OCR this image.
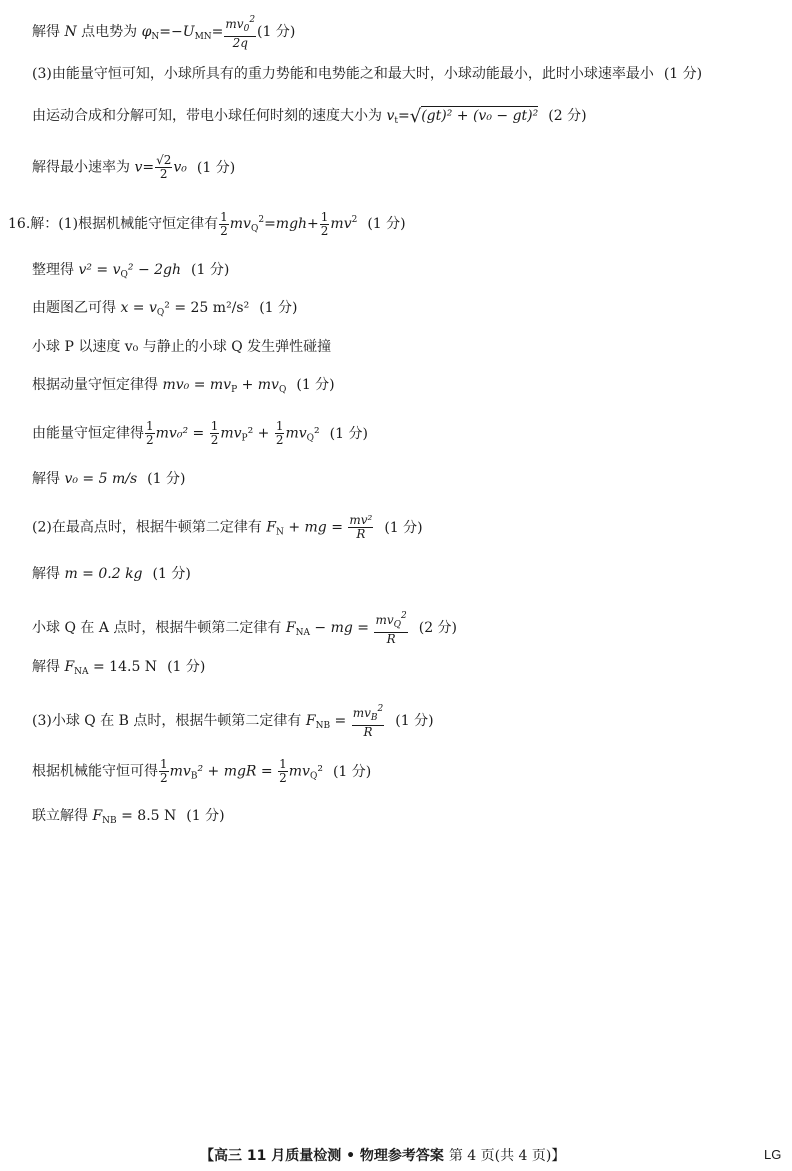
解得 N 点电势为 $\varphi_N=-U_{MN}= \frac{mv_0^2}{2q} (1$ 分)
(3)由能量守恒可知，小球所具有的重力势能和电势能之和最大时，小球动能最小，此时小球速率最小 (1 分)
由运动合成和分解可知，带电小球任何时刻的速度大小为 $v_t=√(gt)^2 + (v_0 - gt)^2$ (2 分)
解得最小速率为 $v= \frac{√2}{2} v_0$ (1 分)
16.解：(1)根据机械能守恒定律有 $\frac{1}{2} mv_Q^2=mgh+ \frac{1}{2} mv^2$ (1 分)
整理得 $v^2 = v_Q^2 - 2gh$ (1 分)
由题图乙可得 $x = v_Q^2 = 25$ m²/s² (1 分)
小球 P 以速度 v₀ 与静止的小球 Q 发生弹性碰撞
根据动量守恒定律得 $mv_0 = mv_P + mv_Q$ (1 分)
由能量守恒定律得 $\frac{1}{2} mv_0^2 = \frac{1}{2} mv_P^2 + \frac{1}{2} mv_Q^2$ (1 分)
解得 v₀ = 5 m/s (1 分)
(2)在最高点时，根据牛顿第二定律有 $F_N$ + mg = $\frac{\text{mv²}}{R} (1$ 分)
解得 m = 0.2 kg (1 分)
小球 Q 在 A 点时，根据牛顿第二定律有 $F_{NA}$ − mg = $\frac{mv_Q^2}{R} (2$ 分)
解得 $F_{NA} = 14.5$ N (1 分)
(3)小球 Q 在 B 点时，根据牛顿第二定律有 $F_{NB} = \frac{mv_B^2}{R} (1$ 分)
根据机械能守恒可得 $\frac{1}{2} mv_B^2$ + mgR = $\frac{1}{2} mv_Q^2$ (1 分)
联立解得 $F_{NB} = 8.5$ N (1 分)
【高三 11 月质量检测 • 物理参考答案 第 4 页(共 4 页)】	LG
